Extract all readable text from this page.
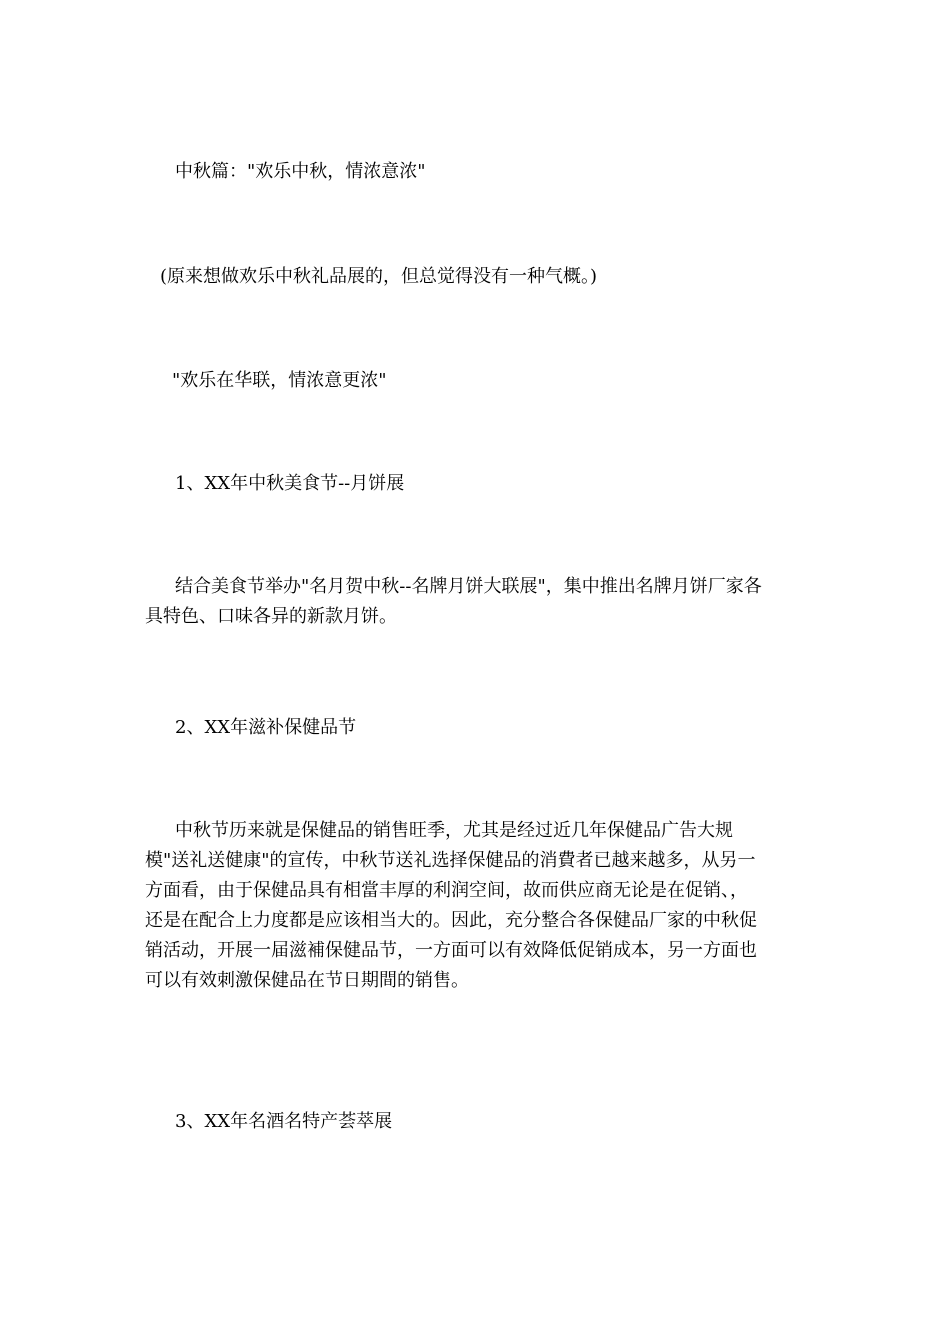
中秋篇："欢乐中秋，情浓意浓"

(原来想做欢乐中秋礼品展的，但总觉得没有一种气概。)

"欢乐在华联，情浓意更浓"

1、XX年中秋美食节--月饼展

结合美食节举办"名月贺中秋--名牌月饼大联展"，集中推出名牌月饼厂家各
具特色、口味各异的新款月饼。

2、XX年滋补保健品节

中秋节历来就是保健品的销售旺季，尤其是经过近几年保健品广告大规
模"送礼送健康"的宣传，中秋节送礼选择保健品的消費者已越来越多，从另一
方面看，由于保健品具有相當丰厚的利润空间，故而供应商无论是在促销、，
还是在配合上力度都是应该相当大的。因此，充分整合各保健品厂家的中秋促
销活动，开展一届滋補保健品节，一方面可以有效降低促销成本，另一方面也
可以有效刺激保健品在节日期間的销售。

3、XX年名酒名特产荟萃展
